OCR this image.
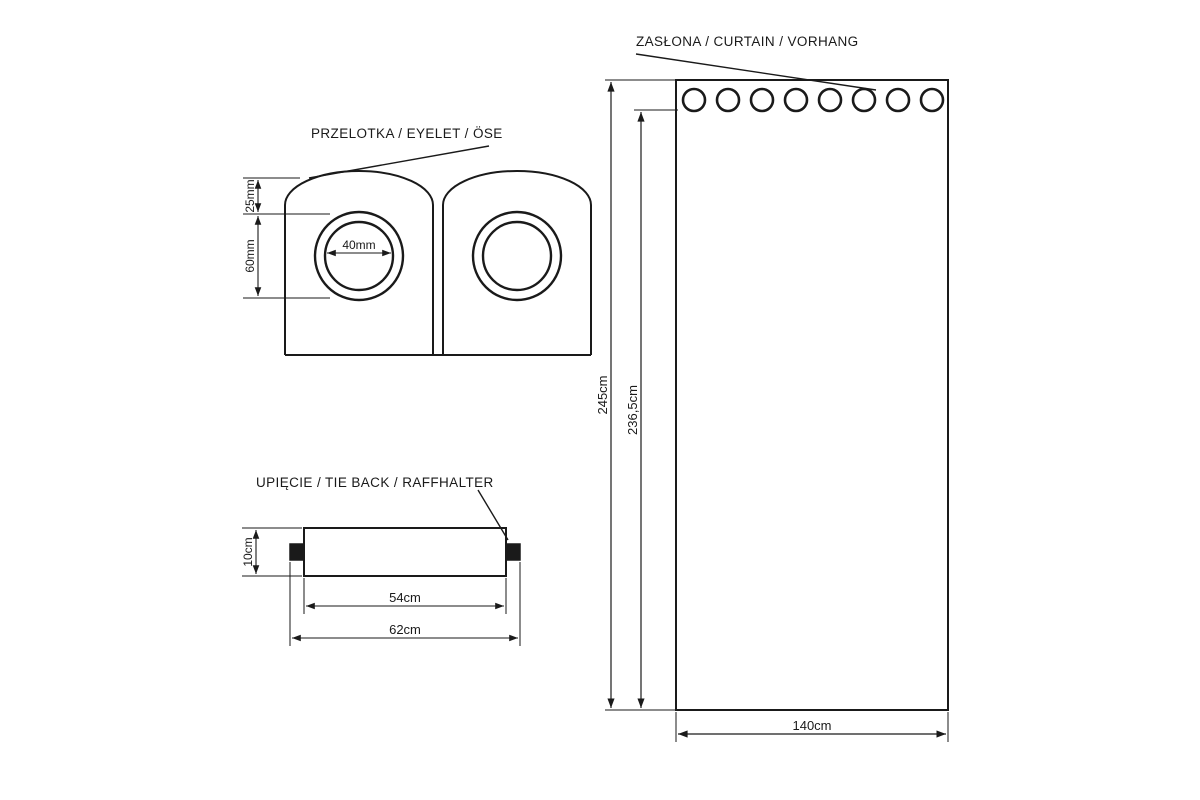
245cm 236,5cm
140cm
ZASŁONA / CURTAIN / VORHANG
25mm
60mm	40mm
PRZELOTKA / EYELET / ÖSE
10cm
54cm
62cm
UPIĘCIE / TIE BACK / RAFFHALTER
